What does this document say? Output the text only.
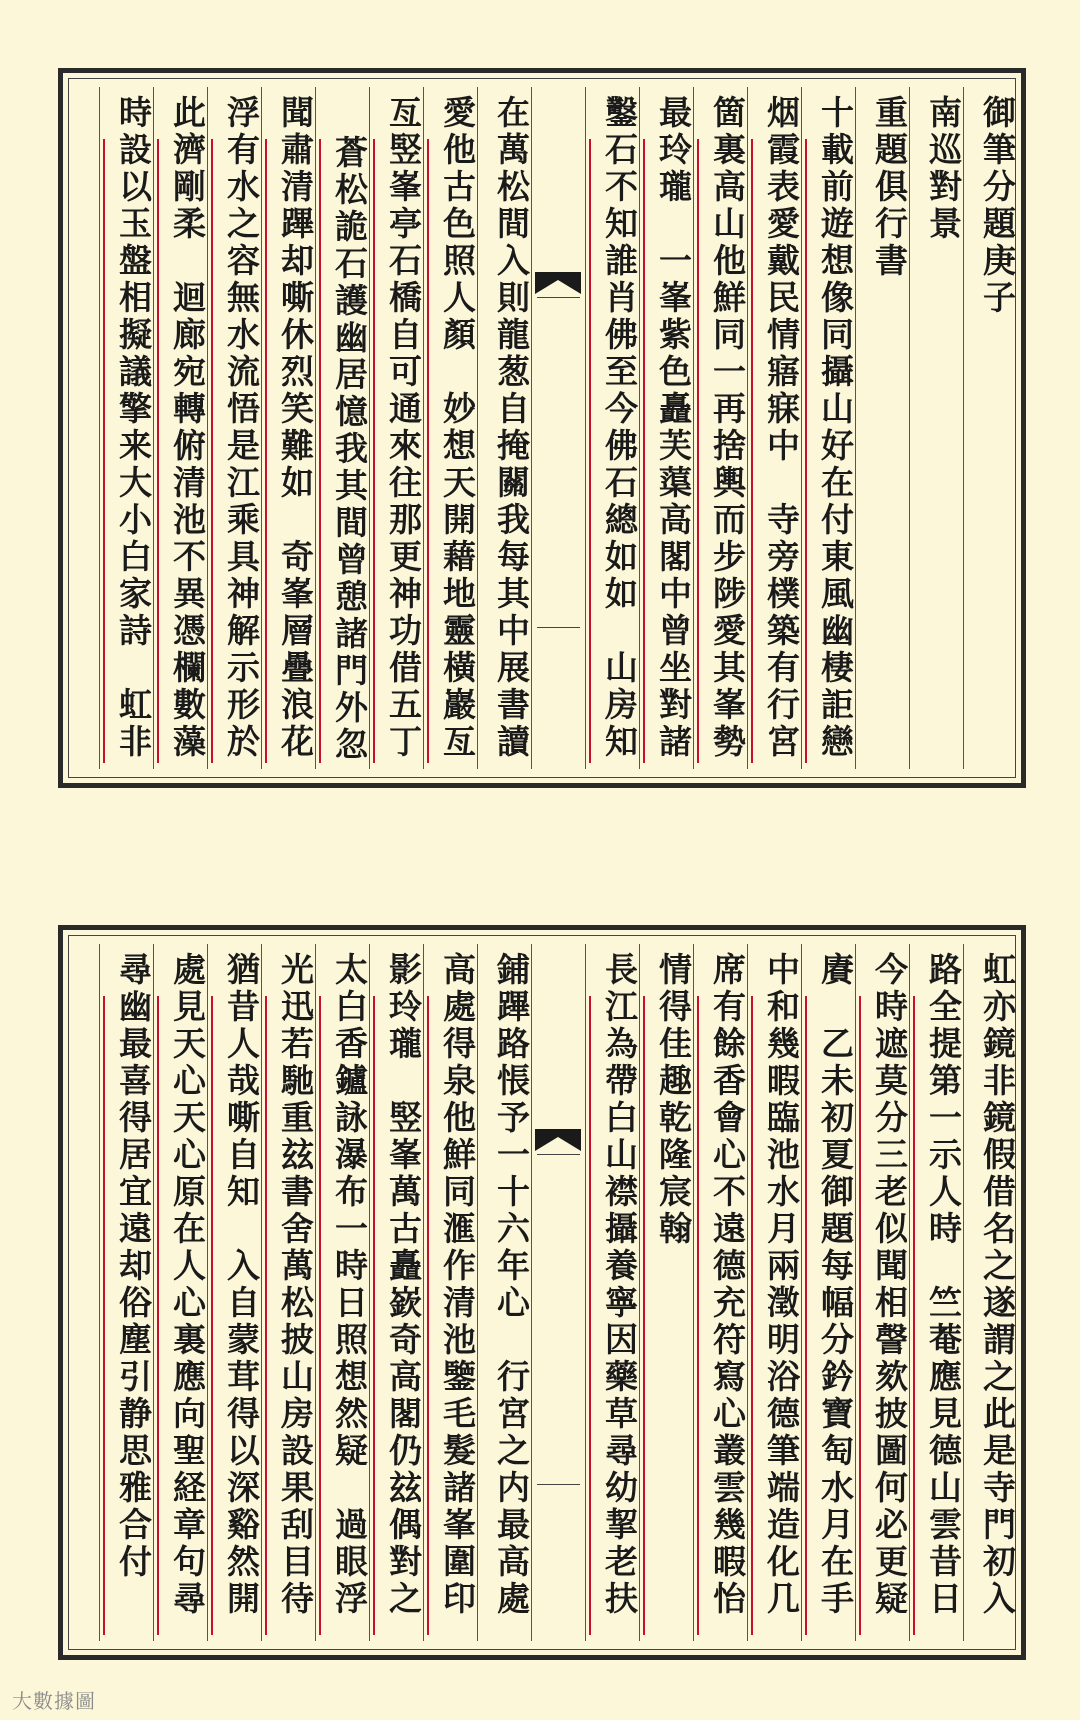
御筆分題庚子
南巡對景
重題俱行書
十載前遊想像同攝山好在付東風幽棲詎戀
烟霞表愛戴民情寤寐中　寺旁樸築有行宮
箇裏高山他鮮同一再捨輿而步陟愛其峯勢
最玲瓏　一峯紫色矗芙蕖高閣中曾坐對諸
鑿石不知誰肖佛至今佛石總如如　山房知
在萬松間入則龍葱自掩關我每其中展書讀
愛他古色照人顏　妙想天開藉地靈橫巖亙
亙竪峯亭石橋自可通來往那更神功借五丁
蒼松詭石護幽居憶我其間曾憩諸門外忽
聞肅清蹕却嘶休烈笑難如　奇峯層疊浪花
浮有水之容無水流悟是江乘具神解示形於
此濟剛柔　迴廊宛轉俯清池不異憑欄數藻
時設以玉盤相擬議擎来大小白家詩　虹非
虹亦鏡非鏡假借名之遂謂之此是寺門初入
路全提第一示人時　竺菴應見德山雲昔日
今時遮莫分三老似聞相謦欬披圖何必更疑
賡　乙未初夏御題每幅分鈐寶匋水月在手
中和幾暇臨池水月兩澂明浴德筆端造化几
席有餘香會心不遠德充符寫心叢雲幾暇怡
情得佳趣乾隆宸翰
長江為帶白山襟攝養寧因藥草尋幼挈老扶
鋪蹕路悵予一十六年心　行宮之内最高處
高處得泉他鮮同滙作清池鑒毛髮諸峯圍印
影玲瓏　竪峯萬古矗嶔奇高閣仍玆偶對之
太白香鑪詠瀑布一時日照想然疑　過眼浮
光迅若馳重玆書舍萬松披山房設果刮目待
猶昔人哉嘶自知　入自蒙茸得以深谿然開
處見天心天心原在人心裏應向聖経章句尋
尋幽最喜得居宜遠却俗塵引静思雅合付
大數據圖
